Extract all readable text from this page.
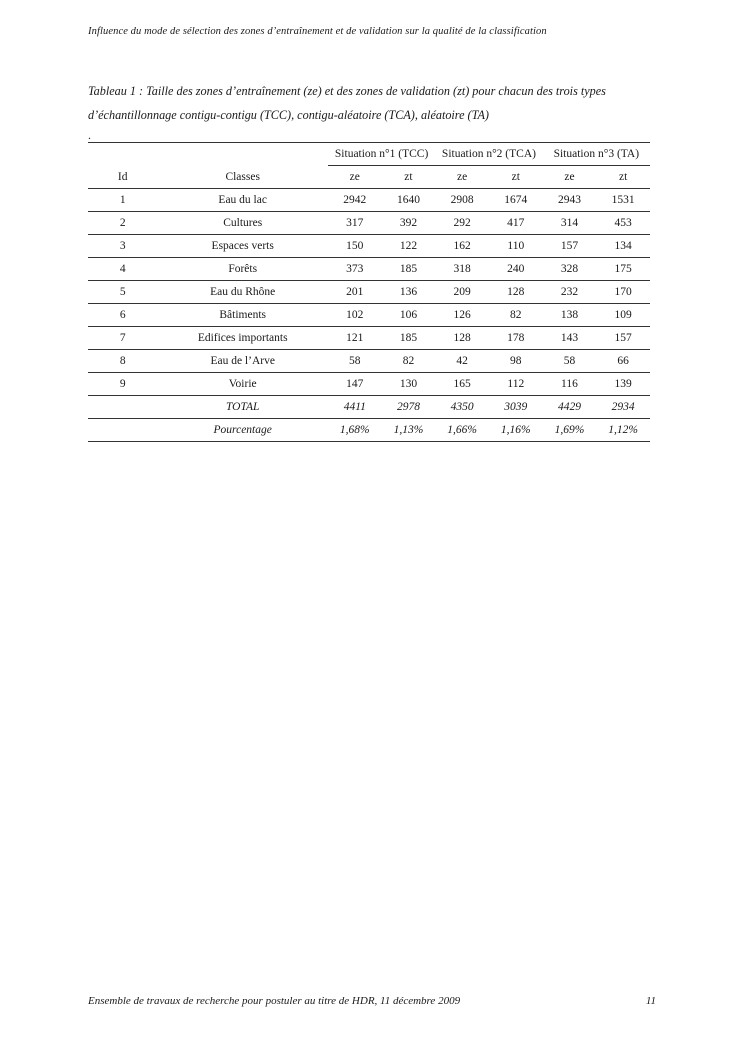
Influence du mode de sélection des zones d’entraînement et de validation sur la qualité de la classification
Tableau 1 : Taille des zones d’entraînement (ze) et des zones de validation (zt) pour chacun des trois types d’échantillonnage contigu-contigu (TCC), contigu-aléatoire (TCA), aléatoire (TA)
.
		Situation n°1 (TCC)		Situation n°2 (TCA)		Situation n°3 (TA)	
Id	Classes	ze	zt	ze	zt	ze	zt
1	Eau du lac	2942	1640	2908	1674	2943	1531
2	Cultures	317	392	292	417	314	453
3	Espaces verts	150	122	162	110	157	134
4	Forêts	373	185	318	240	328	175
5	Eau du Rhône	201	136	209	128	232	170
6	Bâtiments	102	106	126	82	138	109
7	Edifices importants	121	185	128	178	143	157
8	Eau de l’Arve	58	82	42	98	58	66
9	Voirie	147	130	165	112	116	139
	TOTAL	4411	2978	4350	3039	4429	2934
	Pourcentage	1,68%	1,13%	1,66%	1,16%	1,69%	1,12%
Ensemble de travaux de recherche pour postuler au titre de HDR, 11 décembre 2009	11
